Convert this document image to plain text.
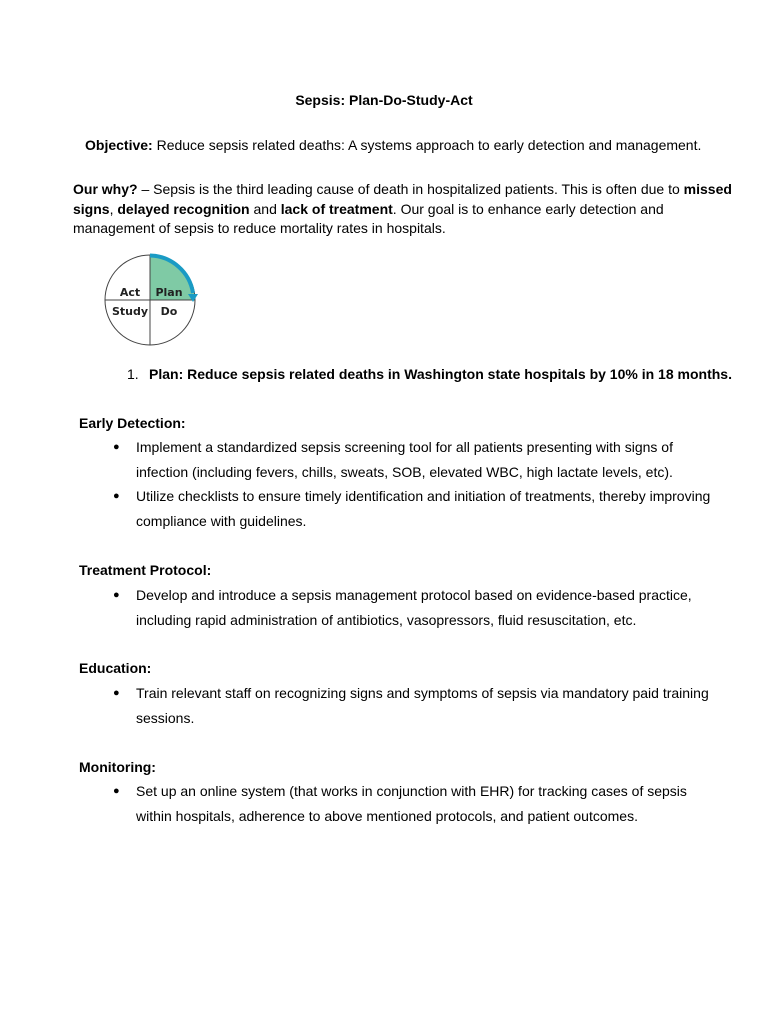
Sepsis: Plan-Do-Study-Act
Objective: Reduce sepsis related deaths: A systems approach to early detection and management.
Our why? – Sepsis is the third leading cause of death in hospitalized patients. This is often due to missed signs, delayed recognition and lack of treatment. Our goal is to enhance early detection and management of sepsis to reduce mortality rates in hospitals.
Act Plan
Study Do
1. Plan: Reduce sepsis related deaths in Washington state hospitals by 10% in 18 months.
Early Detection:
● Implement a standardized sepsis screening tool for all patients presenting with signs of infection (including fevers, chills, sweats, SOB, elevated WBC, high lactate levels, etc).
● Utilize checklists to ensure timely identification and initiation of treatments, thereby improving compliance with guidelines.
Treatment Protocol:
● Develop and introduce a sepsis management protocol based on evidence-based practice, including rapid administration of antibiotics, vasopressors, fluid resuscitation, etc.
Education:
● Train relevant staff on recognizing signs and symptoms of sepsis via mandatory paid training sessions.
Monitoring:
● Set up an online system (that works in conjunction with EHR) for tracking cases of sepsis within hospitals, adherence to above mentioned protocols, and patient outcomes.
